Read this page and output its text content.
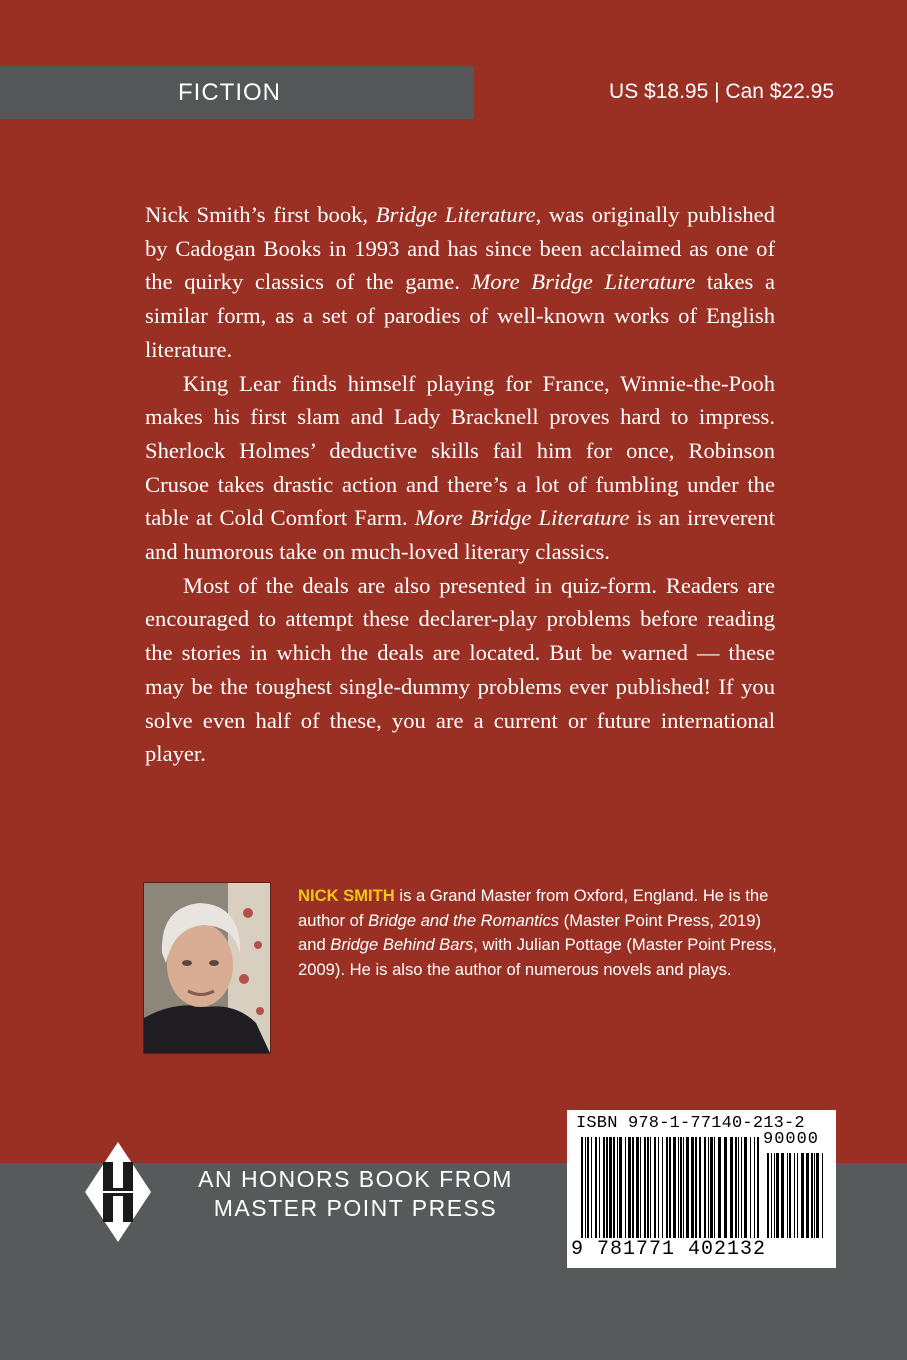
FICTION	US $18.95 | Can $22.95

Nick Smith’s first book, Bridge Literature, was originally published by Cadogan Books in 1993 and has since been acclaimed as one of the quirky classics of the game. More Bridge Literature takes a similar form, as a set of parodies of well-known works of English literature.

King Lear finds himself playing for France, Winnie-the-Pooh makes his first slam and Lady Bracknell proves hard to impress. Sherlock Holmes’ deductive skills fail him for once, Robinson Crusoe takes drastic action and there’s a lot of fumbling under the table at Cold Comfort Farm. More Bridge Literature is an irreverent and humorous take on much-loved literary classics.

Most of the deals are also presented in quiz-form. Readers are encouraged to attempt these declarer-play problems before reading the stories in which the deals are located. But be warned — these may be the toughest single-dummy problems ever published! If you solve even half of these, you are a current or future international player.

NICK SMITH is a Grand Master from Oxford, England. He is the author of Bridge and the Romantics (Master Point Press, 2019) and Bridge Behind Bars, with Julian Pottage (Master Point Press, 2009). He is also the author of numerous novels and plays.
AN HONORS BOOK FROM
MASTER POINT PRESS
ISBN 978-1-77140-213-2
90000
9 781771 402132
